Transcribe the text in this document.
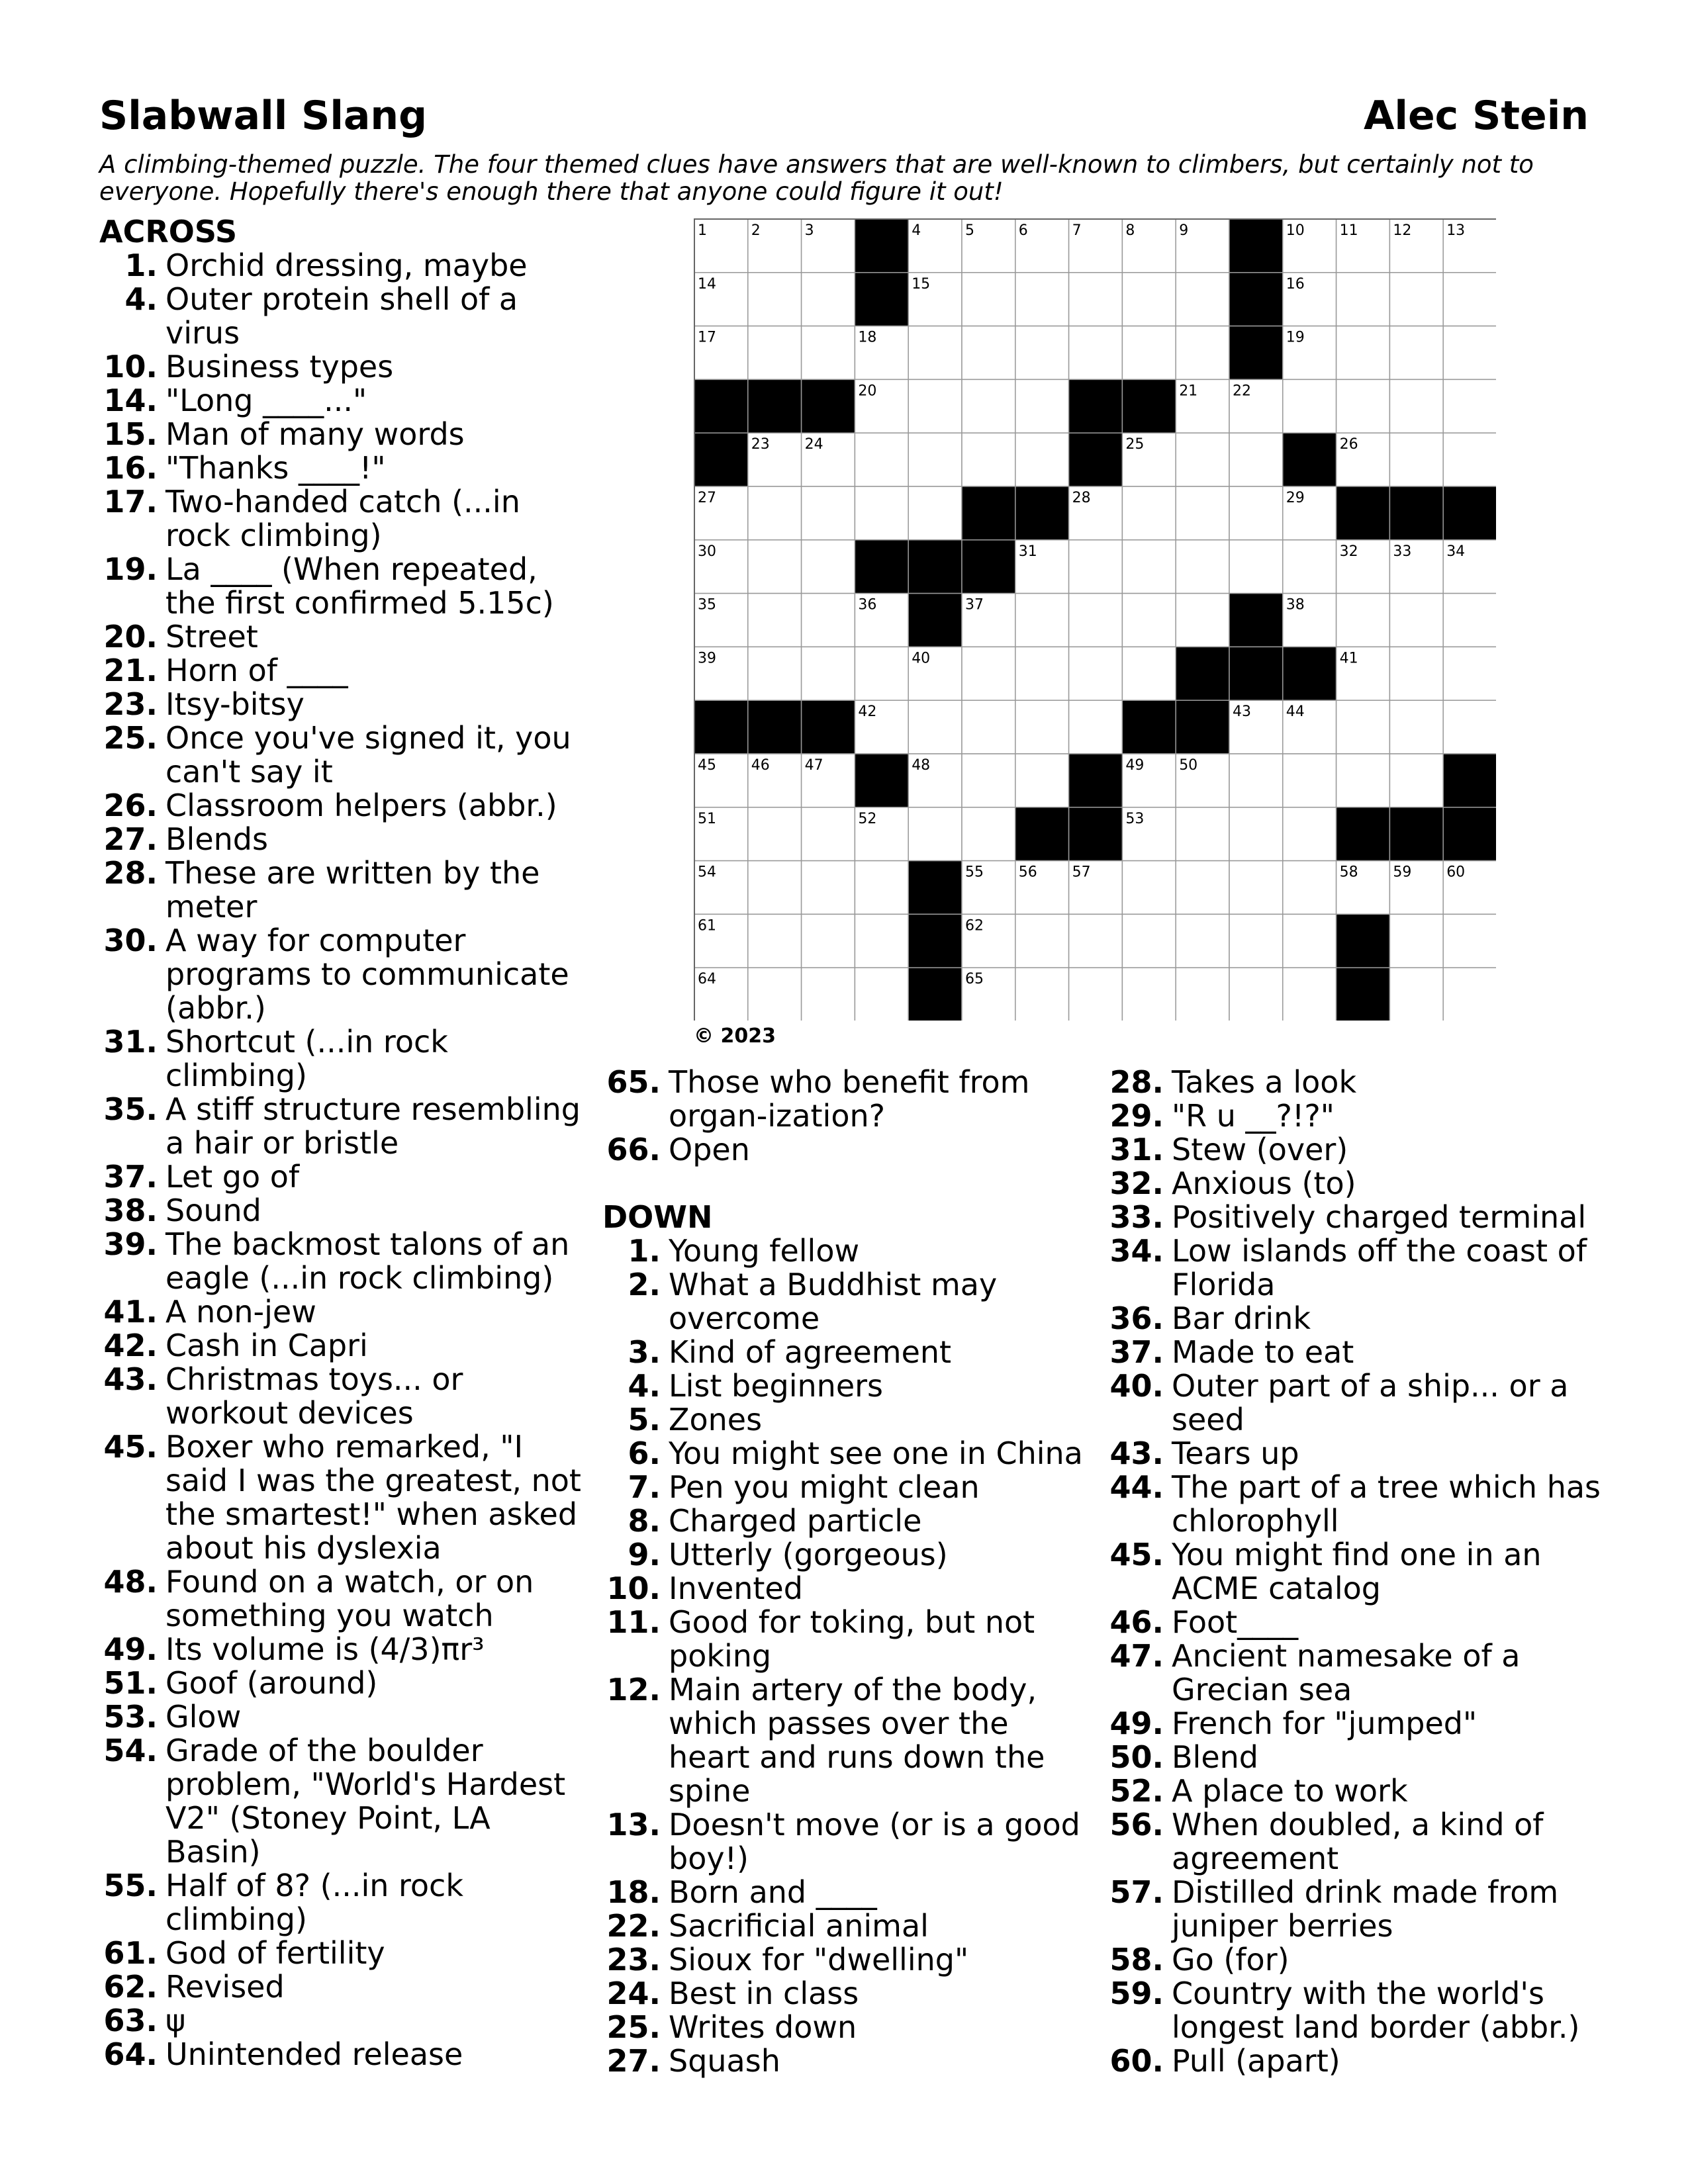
Slabwall Slang	Alec Stein
A climbing-themed puzzle. The four themed clues have answers that are well-known to climbers, but certainly not to everyone. Hopefully there's enough there that anyone could figure it out!
ACROSS
1. Orchid dressing, maybe
4. Outer protein shell of a virus
10. Business types
14. "Long ____..."
15. Man of many words
16. "Thanks ____!"
17. Two-handed catch (...in rock climbing)
19. La ____ (When repeated, the first confirmed 5.15c)
20. Street
21. Horn of ____
23. Itsy-bitsy
25. Once you've signed it, you can't say it
26. Classroom helpers (abbr.)
27. Blends
28. These are written by the meter
30. A way for computer programs to communicate (abbr.)
31. Shortcut (...in rock climbing)
35. A stiff structure resembling a hair or bristle
37. Let go of
38. Sound
39. The backmost talons of an eagle (...in rock climbing)
41. A non-jew
42. Cash in Capri
43. Christmas toys... or workout devices
45. Boxer who remarked, "I said I was the greatest, not the smartest!" when asked about his dyslexia
48. Found on a watch, or on something you watch
49. Its volume is (4/3)πr³
51. Goof (around)
53. Glow
54. Grade of the boulder problem, "World's Hardest V2" (Stoney Point, LA Basin)
55. Half of 8? (...in rock climbing)
61. God of fertility
62. Revised
63. ψ
64. Unintended release
65. Those who benefit from organ-ization?
66. Open
DOWN
1. Young fellow
2. What a Buddhist may overcome
3. Kind of agreement
4. List beginners
5. Zones
6. You might see one in China
7. Pen you might clean
8. Charged particle
9. Utterly (gorgeous)
10. Invented
11. Good for toking, but not poking
12. Main artery of the body, which passes over the heart and runs down the spine
13. Doesn't move (or is a good boy!)
18. Born and ____
22. Sacrificial animal
23. Sioux for "dwelling"
24. Best in class
25. Writes down
27. Squash
28. Takes a look
29. "R u __?!?"
31. Stew (over)
32. Anxious (to)
33. Positively charged terminal
34. Low islands off the coast of Florida
36. Bar drink
37. Made to eat
40. Outer part of a ship... or a seed
43. Tears up
44. The part of a tree which has chlorophyll
45. You might find one in an ACME catalog
46. Foot____
47. Ancient namesake of a Grecian sea
49. French for "jumped"
50. Blend
52. A place to work
56. When doubled, a kind of agreement
57. Distilled drink made from juniper berries
58. Go (for)
59. Country with the world's longest land border (abbr.)
60. Pull (apart)
1	2	3	4	5	6	7	8	9	10 11 12 13
14	15	16
17	18	19
20	21 22
23 24	25	26
27	28	29
30	31	32 33 34
35	36	37	38
39	40	41
42	43 44
45 46 47	48	49 50
51	52	53
54	55 56 57	58 59 60
61	62	63
64	65	66
© 2023
